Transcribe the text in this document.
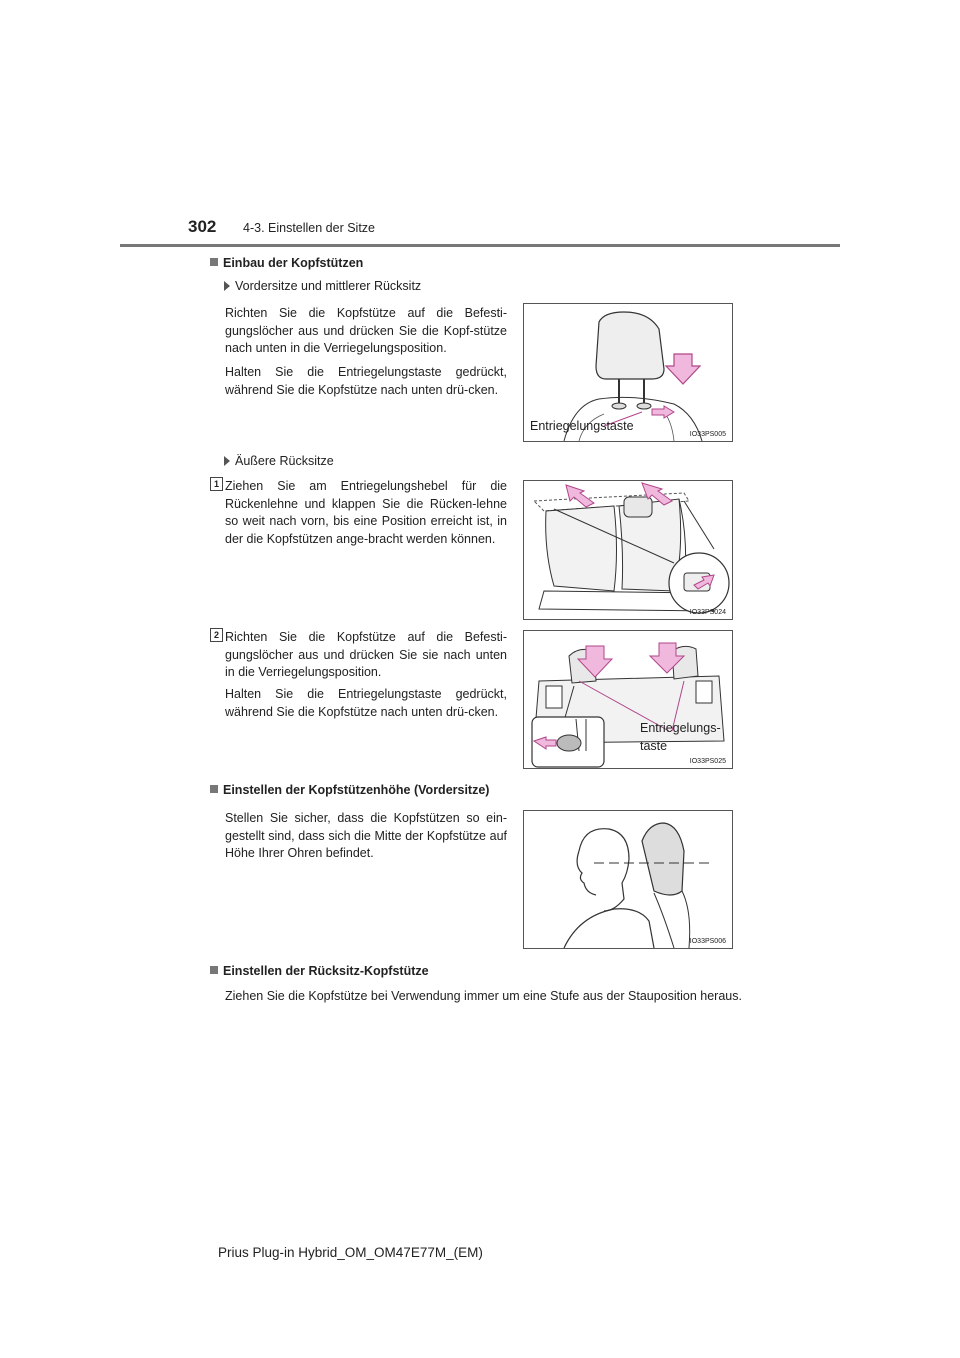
302 4-3. Einstellen der Sitze
Einbau der Kopfstützen
Vordersitze und mittlerer Rücksitz
Richten Sie die Kopfstütze auf die Befesti-gungslöcher aus und drücken Sie die Kopf-stütze nach unten in die Verriegelungsposition.
Halten Sie die Entriegelungstaste gedrückt, während Sie die Kopfstütze nach unten drü-cken.
Entriegelungstaste
IO33PS005
Äußere Rücksitze
1 Ziehen Sie am Entriegelungshebel für die Rückenlehne und klappen Sie die Rücken-lehne so weit nach vorn, bis eine Position erreicht ist, in der die Kopfstützen ange-bracht werden können.
IO33PS024
2 Richten Sie die Kopfstütze auf die Befesti-gungslöcher aus und drücken Sie sie nach unten in die Verriegelungsposition.
Halten Sie die Entriegelungstaste gedrückt, während Sie die Kopfstütze nach unten drü-cken.
Entriegelungs-
taste
IO33PS025
Einstellen der Kopfstützenhöhe (Vordersitze)
Stellen Sie sicher, dass die Kopfstützen so ein-gestellt sind, dass sich die Mitte der Kopfstütze auf Höhe Ihrer Ohren befindet.
IO33PS006
Einstellen der Rücksitz-Kopfstütze
Ziehen Sie die Kopfstütze bei Verwendung immer um eine Stufe aus der Stauposition heraus.
Prius Plug-in Hybrid_OM_OM47E77M_(EM)
